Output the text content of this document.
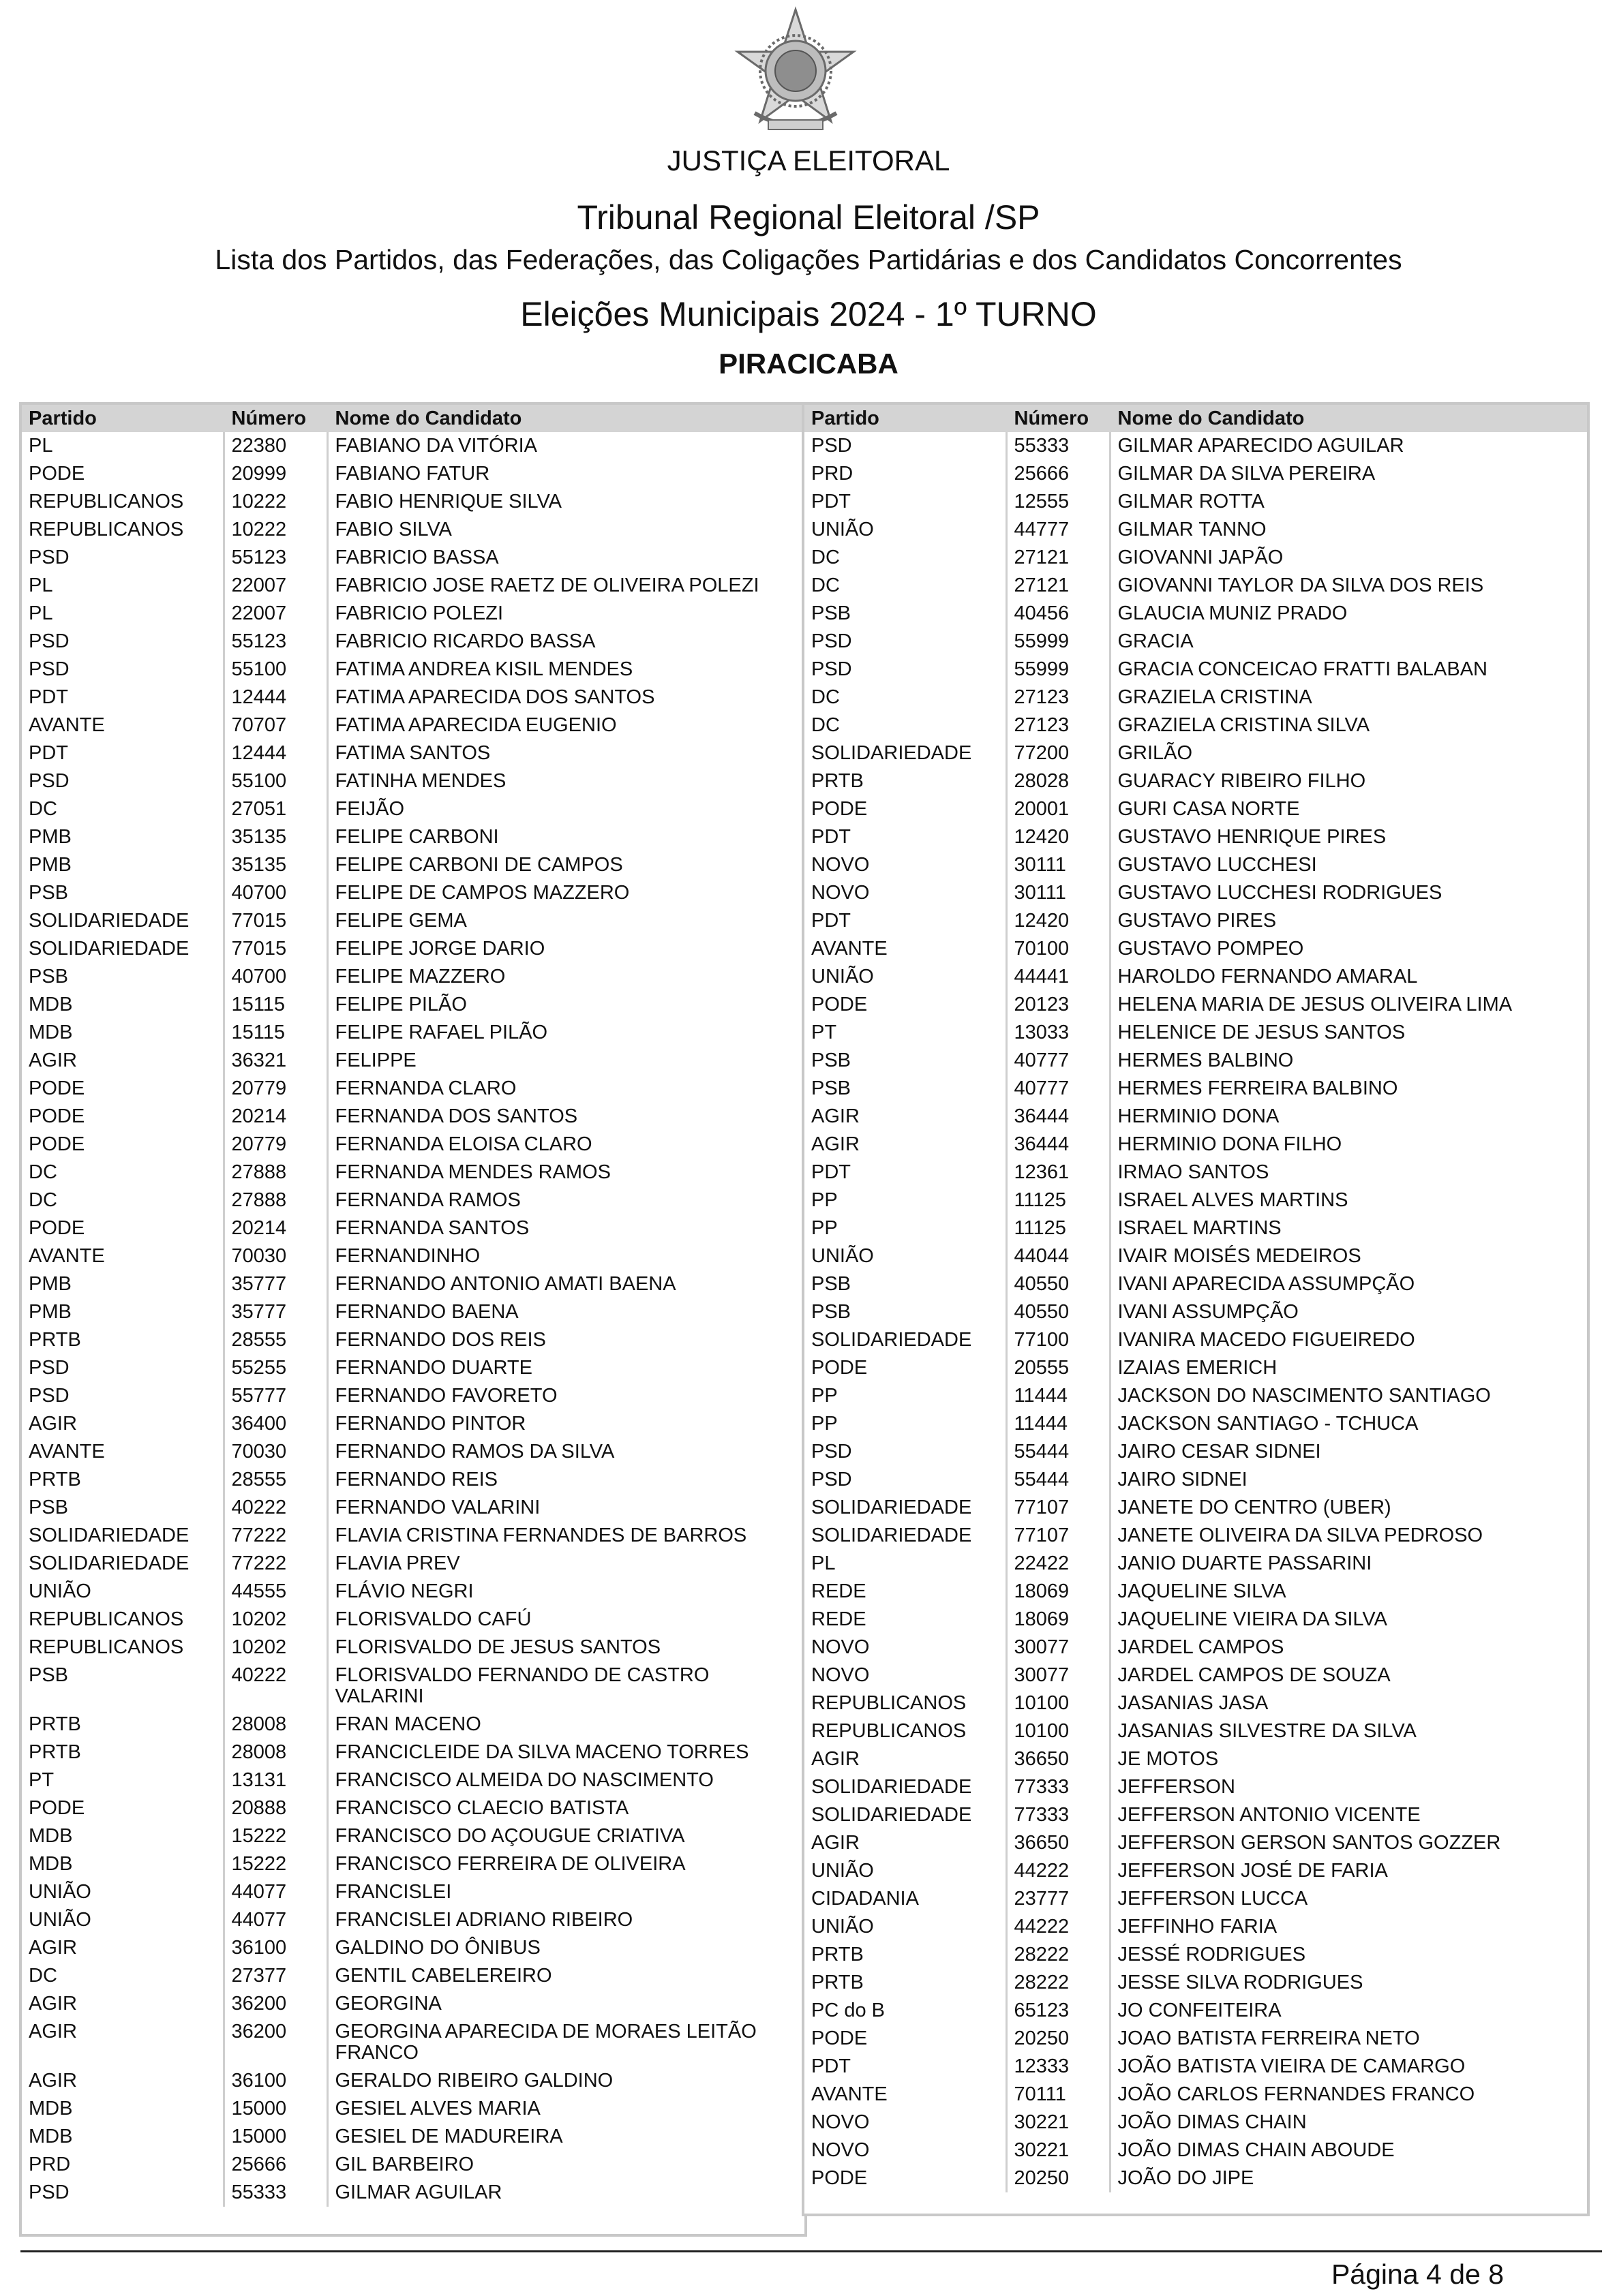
JUSTIÇA ELEITORAL
Tribunal Regional Eleitoral /SP
Lista dos Partidos, das Federações, das Coligações Partidárias e dos Candidatos Concorrentes
Eleições Municipais 2024 - 1º TURNO
PIRACICABA
Partido	Número	Nome do Candidato
PL	22380	FABIANO DA VITÓRIA
PODE	20999	FABIANO FATUR
REPUBLICANOS	10222	FABIO HENRIQUE SILVA
REPUBLICANOS	10222	FABIO SILVA
PSD	55123	FABRICIO BASSA
PL	22007	FABRICIO JOSE RAETZ DE OLIVEIRA POLEZI
PL	22007	FABRICIO POLEZI
PSD	55123	FABRICIO RICARDO BASSA
PSD	55100	FATIMA ANDREA KISIL MENDES
PDT	12444	FATIMA APARECIDA DOS SANTOS
AVANTE	70707	FATIMA APARECIDA EUGENIO
PDT	12444	FATIMA SANTOS
PSD	55100	FATINHA MENDES
DC	27051	FEIJÃO
PMB	35135	FELIPE CARBONI
PMB	35135	FELIPE CARBONI DE CAMPOS
PSB	40700	FELIPE DE CAMPOS MAZZERO
SOLIDARIEDADE	77015	FELIPE GEMA
SOLIDARIEDADE	77015	FELIPE JORGE DARIO
PSB	40700	FELIPE MAZZERO
MDB	15115	FELIPE PILÃO
MDB	15115	FELIPE RAFAEL PILÃO
AGIR	36321	FELIPPE
PODE	20779	FERNANDA CLARO
PODE	20214	FERNANDA DOS SANTOS
PODE	20779	FERNANDA ELOISA CLARO
DC	27888	FERNANDA MENDES RAMOS
DC	27888	FERNANDA RAMOS
PODE	20214	FERNANDA SANTOS
AVANTE	70030	FERNANDINHO
PMB	35777	FERNANDO ANTONIO AMATI BAENA
PMB	35777	FERNANDO BAENA
PRTB	28555	FERNANDO DOS REIS
PSD	55255	FERNANDO DUARTE
PSD	55777	FERNANDO FAVORETO
AGIR	36400	FERNANDO PINTOR
AVANTE	70030	FERNANDO RAMOS DA SILVA
PRTB	28555	FERNANDO REIS
PSB	40222	FERNANDO VALARINI
SOLIDARIEDADE	77222	FLAVIA CRISTINA FERNANDES DE BARROS
SOLIDARIEDADE	77222	FLAVIA PREV
UNIÃO	44555	FLÁVIO NEGRI
REPUBLICANOS	10202	FLORISVALDO CAFÚ
REPUBLICANOS	10202	FLORISVALDO DE JESUS SANTOS
PSB	40222	FLORISVALDO FERNANDO DE CASTRO VALARINI
PRTB	28008	FRAN MACENO
PRTB	28008	FRANCICLEIDE DA SILVA MACENO TORRES
PT	13131	FRANCISCO ALMEIDA DO NASCIMENTO
PODE	20888	FRANCISCO CLAECIO BATISTA
MDB	15222	FRANCISCO DO AÇOUGUE CRIATIVA
MDB	15222	FRANCISCO FERREIRA DE OLIVEIRA
UNIÃO	44077	FRANCISLEI
UNIÃO	44077	FRANCISLEI ADRIANO RIBEIRO
AGIR	36100	GALDINO DO ÔNIBUS
DC	27377	GENTIL CABELEREIRO
AGIR	36200	GEORGINA
AGIR	36200	GEORGINA APARECIDA DE MORAES LEITÃO FRANCO
AGIR	36100	GERALDO RIBEIRO GALDINO
MDB	15000	GESIEL ALVES MARIA
MDB	15000	GESIEL DE MADUREIRA
PRD	25666	GIL BARBEIRO
PSD	55333	GILMAR AGUILAR
Partido	Número	Nome do Candidato
PSD	55333	GILMAR APARECIDO AGUILAR
PRD	25666	GILMAR DA SILVA PEREIRA
PDT	12555	GILMAR ROTTA
UNIÃO	44777	GILMAR TANNO
DC	27121	GIOVANNI JAPÃO
DC	27121	GIOVANNI TAYLOR DA SILVA DOS REIS
PSB	40456	GLAUCIA MUNIZ PRADO
PSD	55999	GRACIA
PSD	55999	GRACIA CONCEICAO FRATTI BALABAN
DC	27123	GRAZIELA CRISTINA
DC	27123	GRAZIELA CRISTINA SILVA
SOLIDARIEDADE	77200	GRILÃO
PRTB	28028	GUARACY RIBEIRO FILHO
PODE	20001	GURI CASA NORTE
PDT	12420	GUSTAVO HENRIQUE PIRES
NOVO	30111	GUSTAVO LUCCHESI
NOVO	30111	GUSTAVO LUCCHESI RODRIGUES
PDT	12420	GUSTAVO PIRES
AVANTE	70100	GUSTAVO POMPEO
UNIÃO	44441	HAROLDO FERNANDO AMARAL
PODE	20123	HELENA MARIA DE JESUS OLIVEIRA LIMA
PT	13033	HELENICE DE JESUS SANTOS
PSB	40777	HERMES BALBINO
PSB	40777	HERMES FERREIRA BALBINO
AGIR	36444	HERMINIO DONA
AGIR	36444	HERMINIO DONA FILHO
PDT	12361	IRMAO SANTOS
PP	11125	ISRAEL ALVES MARTINS
PP	11125	ISRAEL MARTINS
UNIÃO	44044	IVAIR MOISÉS MEDEIROS
PSB	40550	IVANI APARECIDA ASSUMPÇÃO
PSB	40550	IVANI ASSUMPÇÃO
SOLIDARIEDADE	77100	IVANIRA MACEDO FIGUEIREDO
PODE	20555	IZAIAS EMERICH
PP	11444	JACKSON DO NASCIMENTO SANTIAGO
PP	11444	JACKSON SANTIAGO - TCHUCA
PSD	55444	JAIRO CESAR SIDNEI
PSD	55444	JAIRO SIDNEI
SOLIDARIEDADE	77107	JANETE DO CENTRO (UBER)
SOLIDARIEDADE	77107	JANETE OLIVEIRA DA SILVA PEDROSO
PL	22422	JANIO DUARTE PASSARINI
REDE	18069	JAQUELINE SILVA
REDE	18069	JAQUELINE VIEIRA DA SILVA
NOVO	30077	JARDEL CAMPOS
NOVO	30077	JARDEL CAMPOS DE SOUZA
REPUBLICANOS	10100	JASANIAS JASA
REPUBLICANOS	10100	JASANIAS SILVESTRE DA SILVA
AGIR	36650	JE MOTOS
SOLIDARIEDADE	77333	JEFFERSON
SOLIDARIEDADE	77333	JEFFERSON ANTONIO VICENTE
AGIR	36650	JEFFERSON GERSON SANTOS GOZZER
UNIÃO	44222	JEFFERSON JOSÉ DE FARIA
CIDADANIA	23777	JEFFERSON LUCCA
UNIÃO	44222	JEFFINHO FARIA
PRTB	28222	JESSÉ RODRIGUES
PRTB	28222	JESSE SILVA RODRIGUES
PC do B	65123	JO CONFEITEIRA
PODE	20250	JOAO BATISTA FERREIRA NETO
PDT	12333	JOÃO BATISTA VIEIRA DE CAMARGO
AVANTE	70111	JOÃO CARLOS FERNANDES FRANCO
NOVO	30221	JOÃO DIMAS CHAIN
NOVO	30221	JOÃO DIMAS CHAIN ABOUDE
PODE	20250	JOÃO DO JIPE
Página 4 de 8
